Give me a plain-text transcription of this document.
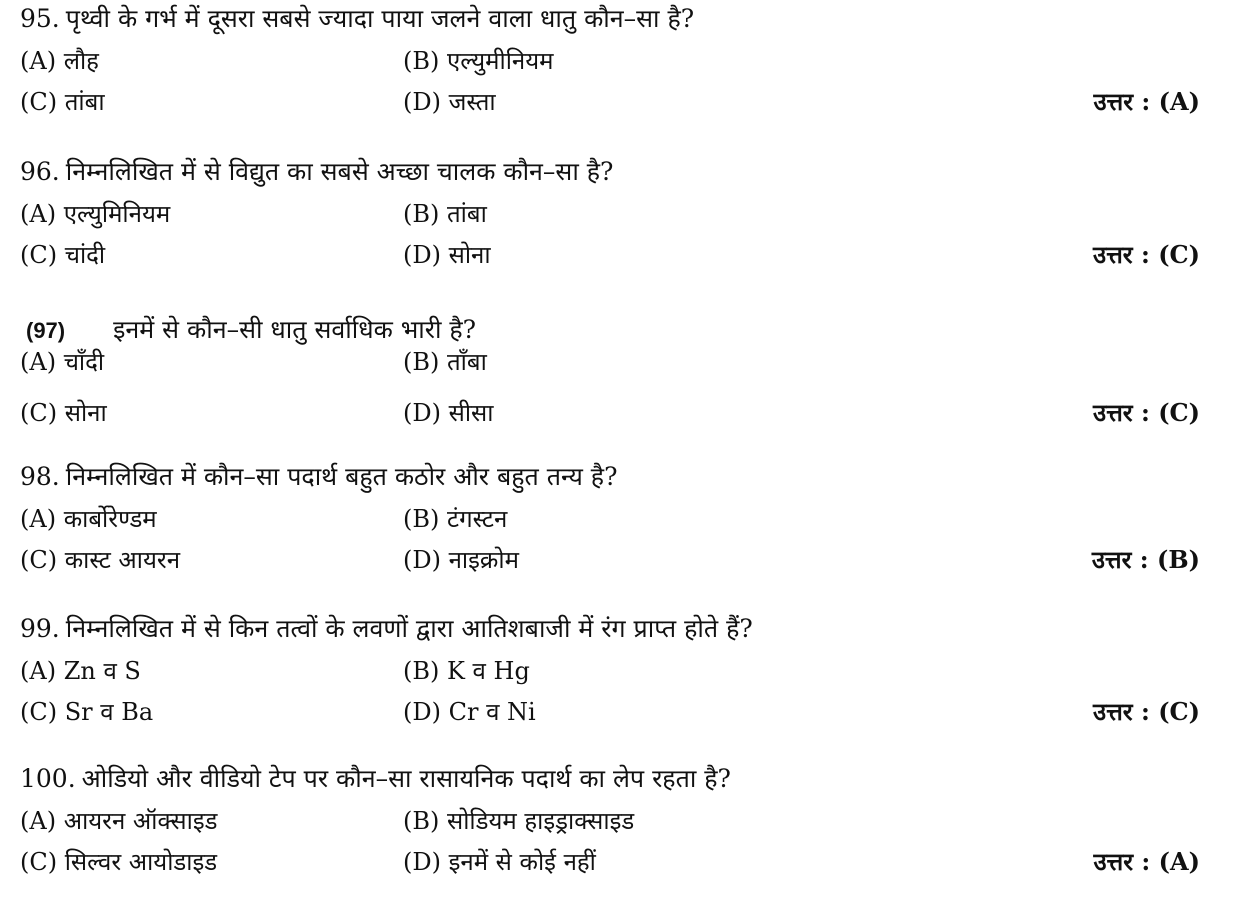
95. पृथ्वी के गर्भ में दूसरा सबसे ज्यादा पाया जलने वाला धातु कौन–सा है?
(A) लौह	(B) एल्युमीनियम
(C) तांबा	(D) जस्ता	उत्तर : (A)
96. निम्नलिखित में से विद्युत का सबसे अच्छा चालक कौन–सा है?
(A) एल्युमिनियम	(B) तांबा
(C) चांदी	(D) सोना	उत्तर : (C)
(97) इनमें से कौन–सी धातु सर्वाधिक भारी है?
(A) चाँदी	(B) ताँबा
(C) सोना	(D) सीसा	उत्तर : (C)
98. निम्नलिखित में कौन–सा पदार्थ बहुत कठोर और बहुत तन्य है?
(A) कार्बोरेण्डम	(B) टंगस्टन
(C) कास्ट आयरन	(D) नाइक्रोम	उत्तर : (B)
99. निम्नलिखित में से किन तत्वों के लवणों द्वारा आतिशबाजी में रंग प्राप्त होते हैं?
(A) Zn व S	(B) K व Hg
(C) Sr व Ba	(D) Cr व Ni	उत्तर : (C)
100. ओडियो और वीडियो टेप पर कौन–सा रासायनिक पदार्थ का लेप रहता है?
(A) आयरन ऑक्साइड	(B) सोडियम हाइड्राक्साइड
(C) सिल्वर आयोडाइड	(D) इनमें से कोई नहीं	उत्तर : (A)
